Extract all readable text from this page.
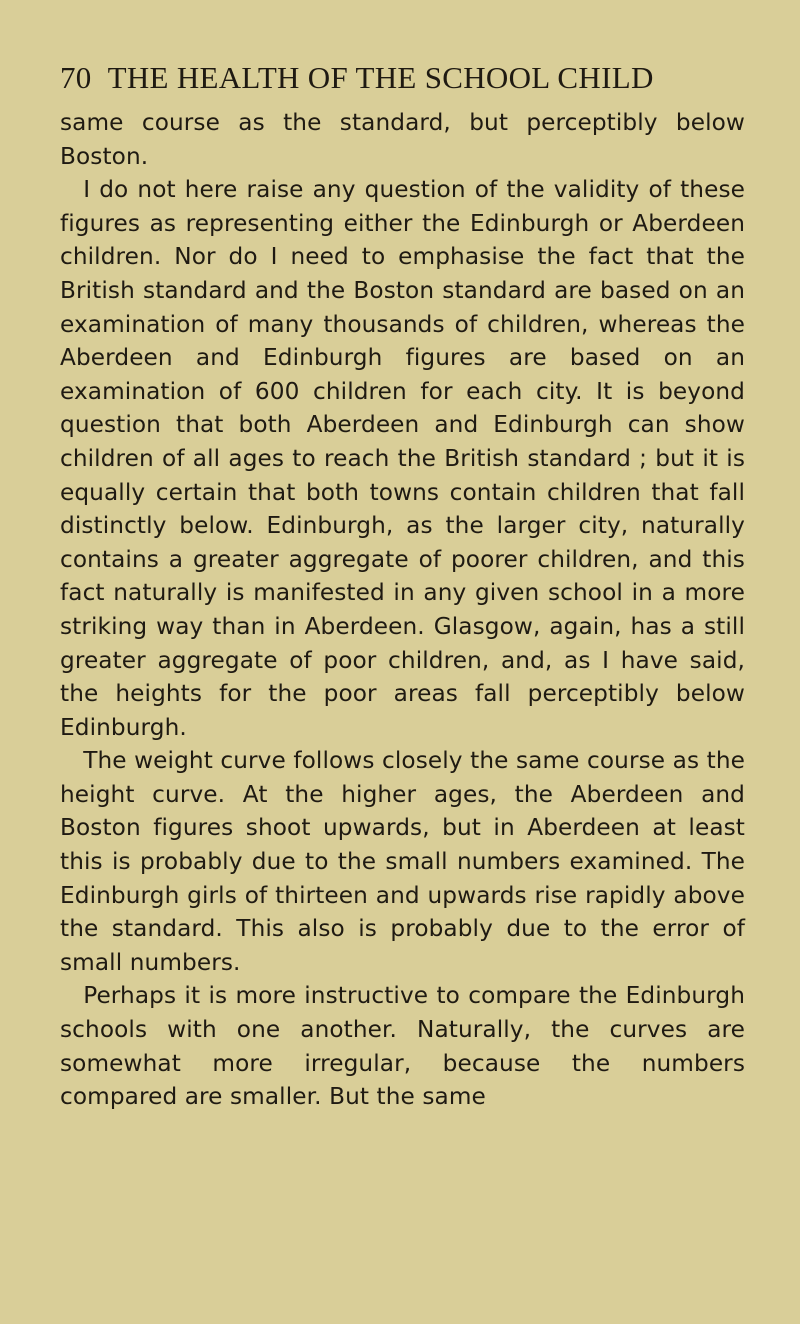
70 THE HEALTH OF THE SCHOOL CHILD

same course as the standard, but perceptibly below Boston.

I do not here raise any question of the validity of these figures as representing either the Edinburgh or Aberdeen children. Nor do I need to emphasise the fact that the British standard and the Boston standard are based on an examination of many thousands of children, whereas the Aberdeen and Edinburgh figures are based on an examination of 600 children for each city. It is beyond question that both Aberdeen and Edinburgh can show children of all ages to reach the British standard ; but it is equally certain that both towns contain children that fall distinctly below. Edinburgh, as the larger city, naturally contains a greater aggregate of poorer children, and this fact naturally is manifested in any given school in a more striking way than in Aberdeen. Glasgow, again, has a still greater aggregate of poor children, and, as I have said, the heights for the poor areas fall perceptibly below Edinburgh.

The weight curve follows closely the same course as the height curve. At the higher ages, the Aberdeen and Boston figures shoot upwards, but in Aberdeen at least this is probably due to the small numbers examined. The Edinburgh girls of thirteen and upwards rise rapidly above the standard. This also is probably due to the error of small numbers.

Perhaps it is more instructive to compare the Edinburgh schools with one another. Naturally, the curves are somewhat more irregular, because the numbers compared are smaller. But the same
